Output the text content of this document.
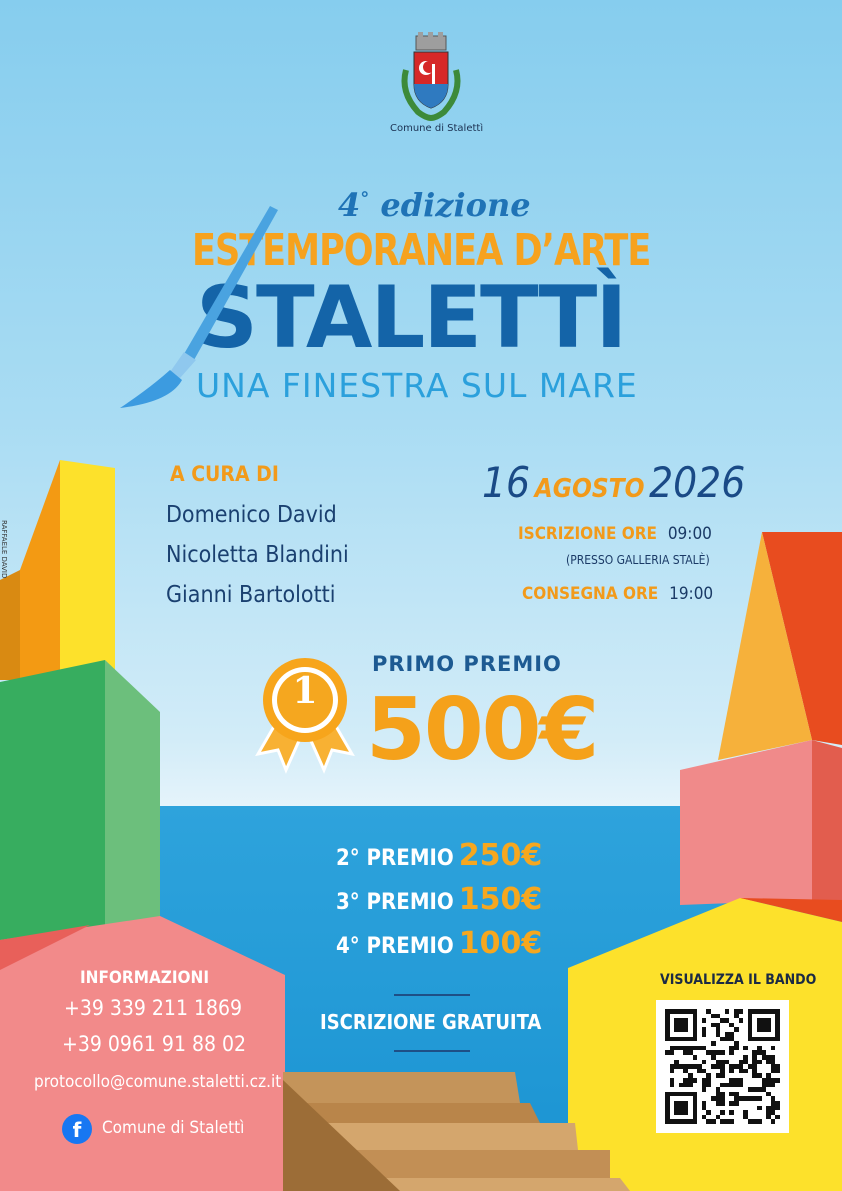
Comune di Stalettì
4° edizione
ESTEMPORANEA D’ARTE
STALETTÌ
UNA FINESTRA SUL MARE
RAFFAELE DAVID
A CURA DI
Domenico David
Nicoletta Blandini
Gianni Bartolotti
16 AGOSTO 2026
ISCRIZIONE ORE 09:00
(PRESSO GALLERIA STALÈ)
CONSEGNA ORE 19:00
1
PRIMO PREMIO
500€
2° PREMIO 250€
3° PREMIO 150€
4° PREMIO 100€
ISCRIZIONE GRATUITA
INFORMAZIONI
+39 339 211 1869
+39 0961 91 88 02
protocollo@comune.staletti.cz.it
f	Comune di Stalettì
VISUALIZZA IL BANDO
